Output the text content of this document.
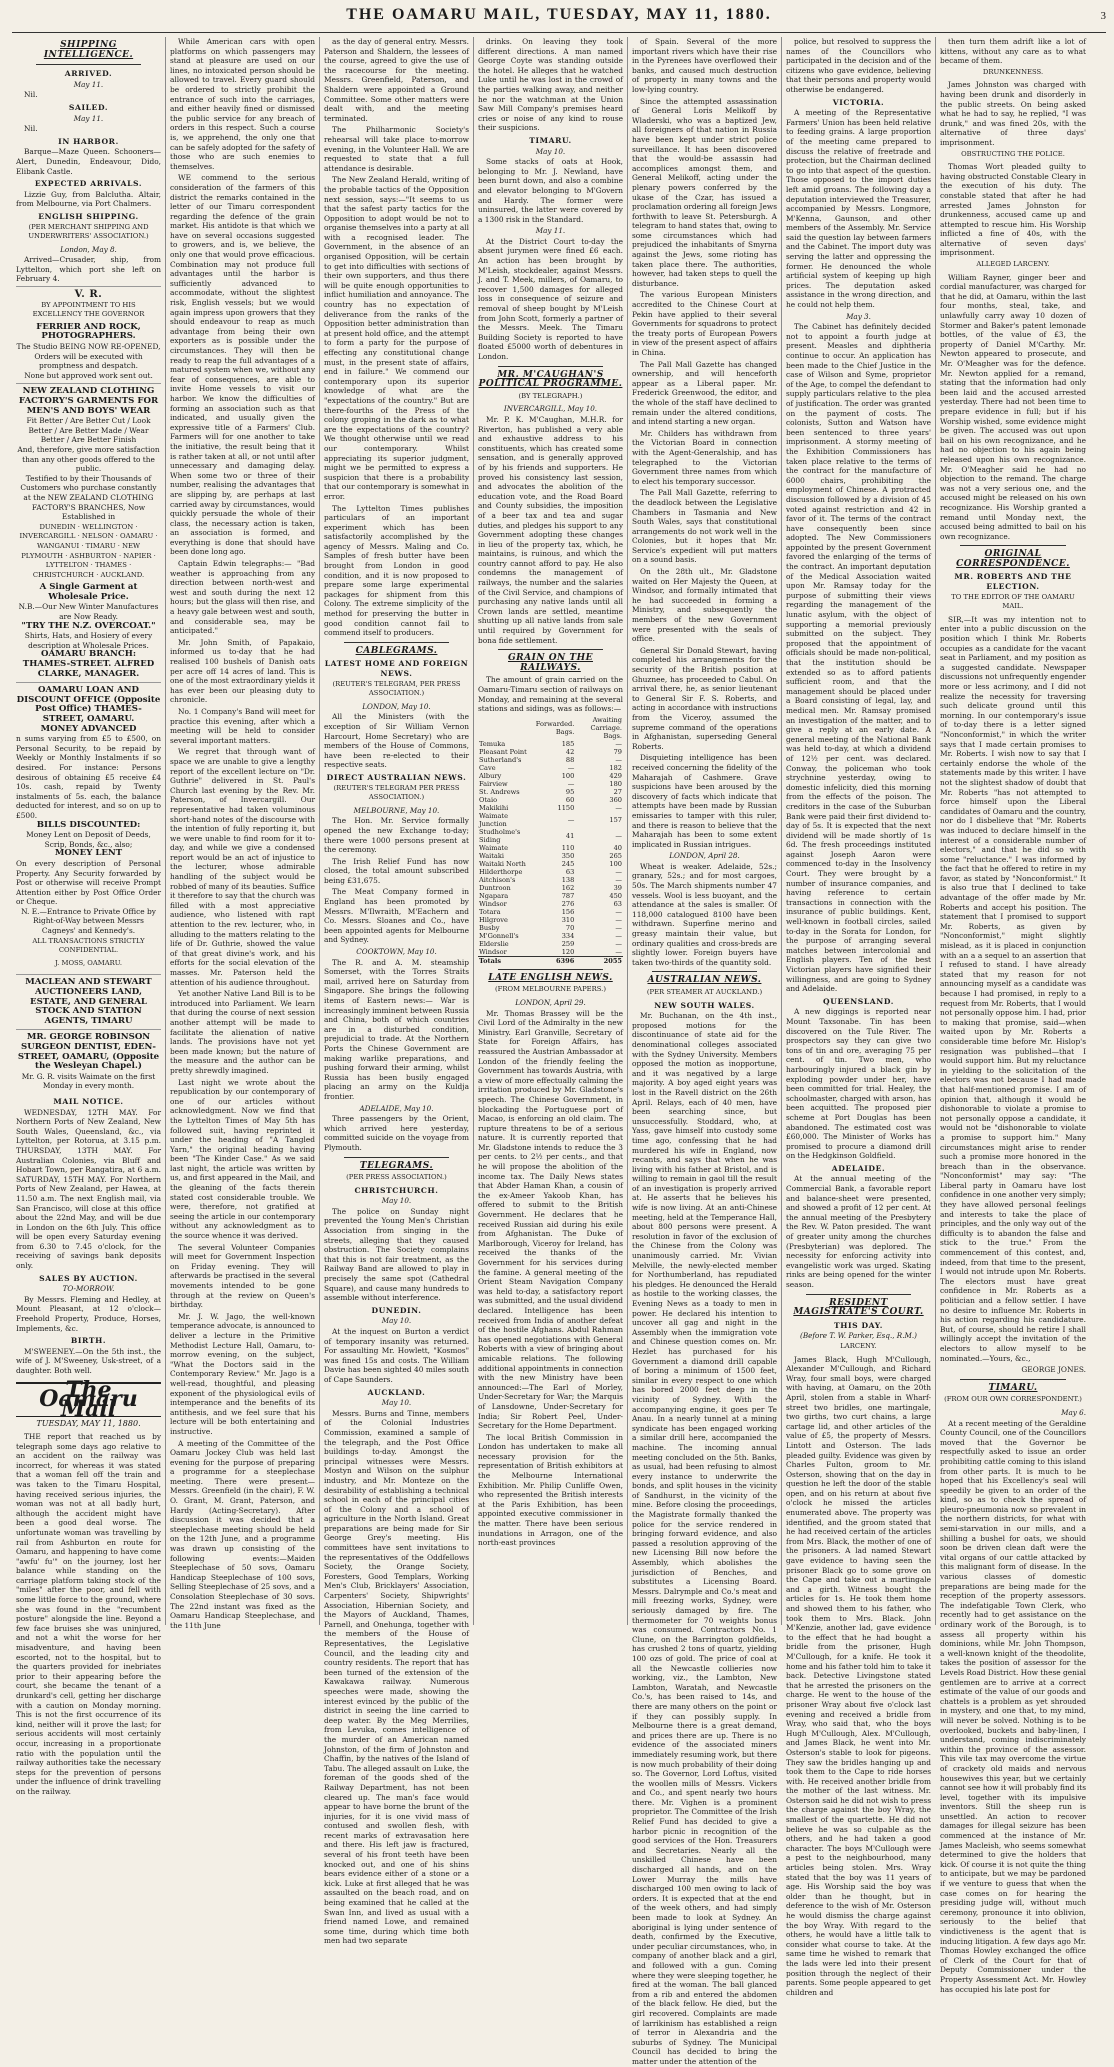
THE OAMARU MAIL, TUESDAY, MAY 11, 1880.	3
SHIPPING INTELLIGENCE.
ARRIVED.
May 11.

Nil.

SAILED.
May 11.

Nil.

IN HARBOR.

Barque—Maze Queen. Schooners—Alert, Dunedin, Endeavour, Dido, Elibank Castle.

EXPECTED ARRIVALS.

Lizzie Guy, from Balclutha. Altair, from Melbourne, via Port Chalmers.

ENGLISH SHIPPING.
(PER MERCHANT SHIPPING AND UNDERWRITERS' ASSOCIATION.)
London, May 8.

Arrived—Crusader, ship, from Lyttelton, which port she left on February 4.

V. R.
BY APPOINTMENT TO HIS EXCELLENCY THE GOVERNOR
FERRIER AND ROCK, PHOTOGRAPHERS.
The Studio BEING NOW RE-OPENED,
Orders will be executed with promptness and despatch.
None but approved work sent out.
NEW ZEALAND CLOTHING FACTORY'S GARMENTS FOR MEN'S AND BOYS' WEAR
Fit Better / Are Better Cut / Look Better / Are Better Made / Wear Better / Are Better Finish
And, therefore, give more satisfaction than any other goods offered to the public.
Testified to by their Thousands of Customers who purchase constantly at the NEW ZEALAND CLOTHING FACTORY'S BRANCHES, Now Established in
DUNEDIN · WELLINGTON · INVERCARGILL · NELSON · OAMARU · WANGANUI · TIMARU · NEW PLYMOUTH · ASHBURTON · NAPIER · LYTTELTON · THAMES · CHRISTCHURCH · AUCKLAND.
A Single Garment at Wholesale Price.
N.B.—Our New Winter Manufactures are Now Ready.
"TRY THE N.Z. OVERCOAT."
Shirts, Hats, and Hosiery of every description at Wholesale Prices.
OAMARU BRANCH: THAMES-STREET. ALFRED CLARKE, MANAGER.
OAMARU LOAN AND DISCOUNT OFFICE (Opposite Post Office) THAMES-STREET, OAMARU.
MONEY ADVANCED
n sums varying from £5 to £500, on Personal Security, to be repaid by Weekly or Monthly Instalments if so desired. For instance: Persons desirous of obtaining £5 receive £4 10s. cash, repaid by Twenty instalments of 5s. each, the balance deducted for interest, and so on up to £500.
BILLS DISCOUNTED:
Money Lent on Deposit of Deeds, Scrip, Bonds, &c., also;
MONEY LENT
On every description of Personal Property. Any Security forwarded by Post or otherwise will receive Prompt Attention either by Post Office Order or Cheque.
N. E.—Entrance to Private Office by Right-of-Way between Messrs Cagneys' and Kennedy's.
ALL TRANSACTIONS STRICTLY CONFIDENTIAL.
J. MOSS, OAMARU.
MACLEAN AND STEWART AUCTIONEERS LAND, ESTATE, AND GENERAL STOCK AND STATION AGENTS, TIMARU
MR. GEORGE ROBINSON SURGEON DENTIST, EDEN-STREET, OAMARU, (Opposite the Wesleyan Chapel.)
Mr. G. R. visits Waimate on the first Monday in every month.
MAIL NOTICE.

WEDNESDAY, 12TH MAY. For Northern Ports of New Zealand, New South Wales, Queensland, &c., via Lyttelton, per Rotorua, at 3.15 p.m. THURSDAY, 13TH MAY. For Australian Colonies, via Bluff and Hobart Town, per Rangatira, at 6 a.m. SATURDAY, 15TH MAY. For Northern Ports of New Zealand, per Hawea, at 11.50 a.m. The next English mail, via San Francisco, will close at this office about the 22nd May, and will be due in London on the 6th July. This office will be open every Saturday evening from 6.30 to 7.45 o'clock, for the receiving of savings bank deposits only.

SALES BY AUCTION.
TO-MORROW.

By Messrs. Fleming and Hedley, at Mount Pleasant, at 12 o'clock—Freehold Property, Produce, Horses, Implements, &c.

BIRTH.

M'SWEENEY.—On the 5th inst., the wife of J. M'Sweeney, Usk-street, of a daughter. Both well.

The Oamaru Mail
TUESDAY, MAY 11, 1880.

THE report that reached us by telegraph some days ago relative to an accident on the railway was incorrect, for whereas it was stated that a woman fell off the train and was taken to the Timaru Hospital, having received serious injuries, the woman was not at all badly hurt, although the accident might have been a good deal worse. The unfortunate woman was travelling by rail from Ashburton en route for Oamaru, and happening to have come "awfu' fu'" on the journey, lost her balance while standing on the carriage platform taking stock of the "miles" after the poor, and fell with some little force to the ground, where she was found in the "recumbent posture" alongside the line. Beyond a few face bruises she was uninjured, and not a whit the worse for her misadventure, and having been escorted, not to the hospital, but to the quarters provided for inebriates prior to their appearing before the court, she became the tenant of a drunkard's cell, getting her discharge with a caution on Monday morning. This is not the first occurrence of its kind, neither will it prove the last; for serious accidents will most certainly occur, increasing in a proportionate ratio with the population until the railway authorities take the necessary steps for the prevention of persons under the influence of drink travelling on the railway.

While American cars with open platforms on which passengers may stand at pleasure are used on our lines, no intoxicated person should be allowed to travel. Every guard should be ordered to strictly prohibit the entrance of such into the carriages, and either heavily fined or dismissed the public service for any breach of orders in this respect. Such a course is, we apprehend, the only one that can be safely adopted for the safety of those who are such enemies to themselves.

WE commend to the serious consideration of the farmers of this district the remarks contained in the letter of our Timaru correspondent regarding the defence of the grain market. His antidote is that which we have on several occasions suggested to growers, and is, we believe, the only one that would prove efficacious. Combination may not produce full advantages until the harbor is sufficiently advanced to accommodate, without the slightest risk, English vessels; but we would again impress upon growers that they should endeavour to reap as much advantage from being their own exporters as is possible under the circumstances. They will then be ready to reap the full advantages of a matured system when we, without any fear of consequences, are able to invite Home vessels to visit our harbor. We know the difficulties of forming an association such as that indicated, and usually given the expressive title of a Farmers' Club. Farmers will for one another to take the initiative, the result being that it is rather taken at all, or not until after unnecessary and damaging delay. When some two or three of their number, realising the advantages that are slipping by, are perhaps at last carried away by circumstances, would quickly persuade the whole of their class, the necessary action is taken, an association is formed, and everything is done that should have been done long ago.

Captain Edwin telegraphs:— "Bad weather is approaching from any direction between north-west and west and south during the next 12 hours; but the glass will then rise, and a heavy gale between west and south, and considerable sea, may be anticipated."

Mr. John Smith, of Papakaio, informed us to-day that he had realised 100 bushels of Danish oats per acre off 14 acres of land. This is one of the most extraordinary yields it has ever been our pleasing duty to chronicle.

No. 1 Company's Band will meet for practice this evening, after which a meeting will be held to consider several important matters.

We regret that through want of space we are unable to give a lengthy report of the excellent lecture on "Dr. Guthrie" delivered in St. Paul's Church last evening by the Rev. Mr. Paterson, of Invercargill. Our representative had taken voluminous short-hand notes of the discourse with the intention of fully reporting it, but we were unable to find room for it to-day, and while we give a condensed report would be an act of injustice to the lecturer, whose admirable handling of the subject would be robbed of many of its beauties. Suffice it therefore to say that the church was filled with a most appreciative audience, who listened with rapt attention to the rev. lecturer, who, in alluding to the matters relating to the life of Dr. Guthrie, showed the value of that great divine's work, and his efforts for the social elevation of the masses. Mr. Paterson held the attention of his audience throughout.

Yet another Native Land Bill is to be introduced into Parliament. We learn that during the course of next session another attempt will be made to facilitate the alienation of native lands. The provisions have not yet been made known; but the nature of the measure and the author can be pretty shrewdly imagined.

Last night we wrote about the republication by our contemporary of one of our articles without acknowledgment. Now we find that the Lyttelton Times of May 5th has followed suit, having reprinted it under the heading of "A Tangled Yarn," the original heading having been "The Kinder Case." As we said last night, the article was written by us, and first appeared in the Mail, and the gleaning of the facts therein stated cost considerable trouble. We were, therefore, not gratified at seeing the article in our contemporary without any acknowledgment as to the source whence it was derived.

The several Volunteer Companies will meet for Government Inspection on Friday evening. They will afterwards be practised in the several movements intended to be gone through at the review on Queen's birthday.

Mr. J. W. Jago, the well-known temperance advocate, is announced to deliver a lecture in the Primitive Methodist Lecture Hall, Oamaru, to-morrow evening, on the subject, "What the Doctors said in the Contemporary Review." Mr. Jago is a well-read, thoughtful, and pleasing exponent of the physiological evils of intemperance and the benefits of its antithesis, and we feel sure that his lecture will be both entertaining and instructive.

A meeting of the Committee of the Oamaru Jockey Club was held last evening for the purpose of preparing a programme for a steeplechase meeting. There were present—Messrs. Greenfield (in the chair), F. W. O. Grant, M. Grant, Paterson, and Hardy (Acting-Secretary). After discussion it was decided that a steeplechase meeting should be held on the 12th June, and a programme was drawn up consisting of the following events:—Maiden Steeplechase of 50 sovs, Oamaru Handicap Steeplechase of 100 sovs, Selling Steeplechase of 25 sovs, and a Consolation Steeplechase of 30 sovs. The 22nd instant was fixed as the Oamaru Handicap Steeplechase, and the 11th June

as the day of general entry. Messrs. Paterson and Shaldern, the lessees of the course, agreed to give the use of the racecourse for the meeting. Messrs. Greenfield, Paterson, and Shaldern were appointed a Ground Committee. Some other matters were dealt with, and the meeting terminated.

The Philharmonic Society's rehearsal will take place to-morrow evening, in the Volunteer Hall. We are requested to state that a full attendance is desirable.

The New Zealand Herald, writing of the probable tactics of the Opposition next session, says:—"It seems to us that the safest party tactics for the Opposition to adopt would be not to organise themselves into a party at all with a recognised leader. The Government, in the absence of an organised Opposition, will be certain to get into difficulties with sections of their own supporters, and thus there will be quite enough opportunities to inflict humiliation and annoyance. The country has no expectation of deliverance from the ranks of the Opposition better administration than at present hold office, and the attempt to form a party for the purpose of effecting any constitutional change must, in the present state of affairs, end in failure." We commend our contemporary upon its superior knowledge of what are the "expectations of the country." But are there-fourths of the Press of the colony groping in the dark as to what are the expectations of the country? We thought otherwise until we read our contemporary. Whilst appreciating its superior judgment, might we be permitted to express a suspicion that there is a probability that our contemporary is somewhat in error.

The Lyttelton Times publishes particulars of an important experiment which has been satisfactorily accomplished by the agency of Messrs. Maling and Co. Samples of fresh butter have been brought from London in good condition, and it is now proposed to prepare some large experimental packages for shipment from this Colony. The extreme simplicity of the method for preserving the butter in good condition cannot fail to commend itself to producers.

CABLEGRAMS.
LATEST HOME AND FOREIGN NEWS.
(REUTER'S TELEGRAM, PER PRESS ASSOCIATION.)
LONDON, May 10.

All the Ministers (with the exception of Sir William Vernon Harcourt, Home Secretary) who are members of the House of Commons, have been re-elected to their respective seats.

DIRECT AUSTRALIAN NEWS.
(REUTER'S TELEGRAM PER PRESS ASSOCIATION.)
MELBOURNE, May 10.

The Hon. Mr. Service formally opened the new Exchange to-day; there were 1000 persons present at the ceremony.

The Irish Relief Fund has now closed, the total amount subscribed being £31,675.

The Meat Company formed in England has been promoted by Messrs. M'Ilwraith, M'Eachern and Co. Messrs. Sloanes and Co., have been appointed agents for Melbourne and Sydney.

COOKTOWN, May 10.

The R. and A. M. steamship Somerset, with the Torres Straits mail, arrived here on Saturday from Singapore. She brings the following items of Eastern news:— War is increasingly imminent between Russia and China, both of which countries are in a disturbed condition, prejudicial to trade. At the Northern Ports the Chinese Government are making warlike preparations, and pushing forward their arming, whilst Russia has been busily engaged placing an army on the Kuldja frontier.

ADELAIDE, May 10.

Three passengers by the Orient, which arrived here yesterday, committed suicide on the voyage from Plymouth.

TELEGRAMS.
(PER PRESS ASSOCIATION.)
CHRISTCHURCH.
May 10.

The police on Sunday night prevented the Young Men's Christian Association from singing in the streets, alleging that they caused obstruction. The Society complains that this is not fair treatment, as the Railway Band are allowed to play in precisely the same spot (Cathedral Square), and cause many hundreds to assemble without interference.

DUNEDIN.
May 10.

At the inquest on Burton a verdict of temporary insanity was returned. For assaulting Mr. Howlett, "Kosmos" was fined 15s and costs. The William Davie has been sighted 40 miles south of Cape Saunders.

AUCKLAND.
May 10.

Messrs. Burns and Tinne, members of the Colonial Industries Commission, examined a sample of the telegraph, and the Post Office buildings to-day. Amongst the principal witnesses were Messrs. Mostyn and Wilson on the sulphur industry, and Mr. Monteze on the desirability of establishing a technical school in each of the principal cities of the Colony and a school of agriculture in the North Island. Great preparations are being made for Sir George Grey's meeting. His committees have sent invitations to the representatives of the Oddfellows Society, the Orange Society, Foresters, Good Templars, Working Men's Club, Bricklayers' Association, Carpenters' Society, Shipwrights' Association, Hibernian Society, and the Mayors of Auckland, Thames, Parnell, and Onehunga, together with the members of the House of Representatives, the Legislative Council, and the leading city and country residents. The report that has been turned of the extension of the Kawakawa railway. Numerous speeches were made, showing the interest evinced by the public of the district in seeing the line carried to deep water. By the Meg Merrilies, from Levuka, comes intelligence of the murder of an American named Johnston, of the firm of Johnston and Chaffin, by the natives of the Island of Tabu. The alleged assault on Luke, the foreman of the goods shed of the Railway Department, has not been cleared up. The man's face would appear to have borne the brunt of the injuries, for it is one vivid mass of contused and swollen flesh, with recent marks of extravasation here and there. His left jaw is fractured, several of his front teeth have been knocked out, and one of his shins bears evidence either of a stone or a kick. Luke at first alleged that he was assaulted on the beach road, and on being examined that he called at the Swan Inn, and lived as usual with a friend named Lowe, and remained some time, during which time both men had two separate

drinks. On leaving they took different directions. A man named George Coyte was standing outside the hotel. He alleges that he watched Luke until he was lost in the crowd of the parties walking away, and neither he nor the watchman at the Union Saw Mill Company's premises heard cries or noise of any kind to rouse their suspicions.

TIMARU.
May 10.

Some stacks of oats at Hook, belonging to Mr. J. Newland, have been burnt down, and also a combine and elevator belonging to M'Govern and Hardy. The former were uninsured, the latter were covered by a 1300 risk in the Standard.

May 11.

At the District Court to-day the absent jurymen were fined £6 each. An action has been brought by M'Leish, stockdealer, against Messrs. J. and T. Meek, millers, of Oamaru, to recover 1,500 damages for alleged loss in consequence of seizure and removal of sheep bought by M'Leish from John Scott, formerly a partner of the Messrs. Meek. The Timaru Building Society is reported to have floated £5000 worth of debentures in London.

MR. M'CAUGHAN'S POLITICAL PROGRAMME.
(BY TELEGRAPH.)
INVERCARGILL, May 10.

Mr. P. K. M'Caughan, M.H.R. for Riverton, has published a very able and exhaustive address to his constituents, which has created some sensation, and is generally approved of by his friends and supporters. He proved his consistency last session, and advocates the abolition of the education vote, and the Road Board and County subsidies, the imposition of a beer tax and tea and sugar duties, and pledges his support to any Government adopting these changes in lieu of the property tax, which, he maintains, is ruinous, and which the country cannot afford to pay. He also condemns the management of railways, the number and the salaries of the Civil Service, and champions of purchasing any native lands until all Crown lands are settled, meantime shutting up all native lands from sale until required by Government for bona fide settlement.

GRAIN ON THE RAILWAYS.

The amount of grain carried on the Oamaru-Timaru section of railways on Monday, and remaining at the several stations and sidings, was as follows:—

	Forwarded. Bags.	Awaiting Carriage. Bags.
Temuka	185	—
Pleasant Point	42	79
Sutherland's	88	—
Cave	—	182
Albury	100	429
Fairview	—	180
St. Andrews	95	27
Otaio	60	360
Makikihi	1150	—
Waimate Junction	—	157
Studholme's Siding	41	—
Waimate	110	40
Waitaki	350	265
Waitaki North	245	100
Hilderthorpe	63	—
Aitchison's	138	—
Duntroon	162	39
Ngapara	787	450
Windsor	276	63
Totara	156	—
Hilgrove	310	—
Busby	70	—
M'Gonnell's	334	—
Elderslie	259	—
Windsor	120	—
Totals	6396	2055
LATE ENGLISH NEWS.
(FROM MELBOURNE PAPERS.)
LONDON, April 29.

Mr. Thomas Brassey will be the Civil Lord of the Admiralty in the new Ministry. Earl Granville, Secretary of State for Foreign Affairs, has reassured the Austrian Ambassador at London of the friendly feeling the Government has towards Austria, with a view of more effectually calming the irritation produced by Mr. Gladstone's speech. The Chinese Government, in blockading the Portuguese port of Macao, is enforcing an old claim. The rupture threatens to be of a serious nature. It is currently reported that Mr. Gladstone intends to reduce the 3 per cents. to 2½ per cents., and that he will propose the abolition of the income tax. The Daily News states that Abder Haman Khan, a cousin of the ex-Ameer Yakoob Khan, has offered to submit to the British Government. He declares that he received Russian aid during his exile from Afghanistan. The Duke of Marlborough, Viceroy for Ireland, has received the thanks of the Government for his services during the famine. A general meeting of the Orient Steam Navigation Company was held to-day, a satisfactory report was submitted, and the usual dividend declared. Intelligence has been received from India of another defeat of the hostile Afghans. Abdul Rahman has opened negotiations with General Roberts with a view of bringing about amicable relations. The following additional appointments in connection with the new Ministry have been announced:—The Earl of Morley, Under-Secretary for War; the Marquis of Lansdowne, Under-Secretary for India; Sir Robert Peel, Under-Secretary for the Home Department.

The local British Commission in London has undertaken to make all necessary provision for the representation of British exhibitors at the Melbourne International Exhibition. Mr. Philip Cunliffe Owen, who represented the British interests at the Paris Exhibition, has been appointed executive commissioner in the matter. There have been serious inundations in Arragon, one of the north-east provinces

of Spain. Several of the more important rivers which have their rise in the Pyrenees have overflowed their banks, and caused much destruction of property in many towns and the low-lying country.

Since the attempted assassination of General Loris Melikoff by Wladerski, who was a baptized Jew, all foreigners of that nation in Russia have been kept under strict police surveillance. It has been discovered that the would-be assassin had accomplices amongst them, and General Melikoff, acting under the plenary powers conferred by the ukase of the Czar, has issued a proclamation ordering all foreign Jews forthwith to leave St. Petersburgh. A telegram to hand states that, owing to some circumstances which had prejudiced the inhabitants of Smyrna against the Jews, some rioting has taken place there. The authorities, however, had taken steps to quell the disturbance.

The various European Ministers accredited to the Chinese Court at Pekin have applied to their several Governments for squadrons to protect the treaty ports of European Powers in view of the present aspect of affairs in China.

The Pall Mall Gazette has changed ownership, and will henceforth appear as a Liberal paper. Mr. Frederick Greenwood, the editor, and the whole of the staff have declined to remain under the altered conditions, and intend starting a new organ.

Mr. Childers has withdrawn from the Victorian Board in connection with the Agent-Generalship, and has telegraphed to the Victorian Government three names from which to elect his temporary successor.

The Pall Mall Gazette, referring to the deadlock between the Legislative Chambers in Tasmania and New South Wales, says that constitutional arrangements do not work well in the Colonies, but it hopes that Mr. Service's expedient will put matters on a sound basis.

On the 28th ult., Mr. Gladstone waited on Her Majesty the Queen, at Windsor, and formally intimated that he had succeeded in forming a Ministry, and subsequently the members of the new Government were presented with the seals of office.

General Sir Donald Stewart, having completed his arrangements for the security of the British position at Ghuznee, has proceeded to Cabul. On arrival there, he, as senior lieutenant to General Sir F. S. Roberts, and acting in accordance with instructions from the Viceroy, assumed the supreme command of the operations in Afghanistan, superseding General Roberts.

Disquieting intelligence has been received concerning the fidelity of the Maharajah of Cashmere. Grave suspicions have been aroused by the discovery of facts which indicate that attempts have been made by Russian emissaries to tamper with this ruler, and there is reason to believe that the Maharajah has been to some extent implicated in Russian intrigues.

LONDON, April 28.

Wheat is weaker. Adelaide, 52s.; granary, 52s.; and for most cargoes, 50s. The March shipments number 47 vessels. Wool is less buoyant, and the attendance at the sales is smaller. Of 118,000 catalogued 8100 have been withdrawn. Superfine merino and greasy maintain their value, but ordinary qualities and cross-breds are slightly lower. Foreign buyers have taken two-thirds of the quantity sold.

AUSTRALIAN NEWS.
(PER STEAMER AT AUCKLAND.)
NEW SOUTH WALES.

Mr. Buchanan, on the 4th inst., proposed motions for the discontinuance of state aid for the denominational colleges associated with the Sydney University. Members opposed the motion as inopportune, and it was negatived by a large majority. A boy aged eight years was lost in the Ravell district on the 26th April. Relays, each of 40 men, have been searching since, but unsuccessfully. Stoddard, who, at Yass, gave himself into custody some time ago, confessing that he had murdered his wife in England, now recants, and says that when he was living with his father at Bristol, and is willing to remain in gaol till the result of an investigation is properly arrived at. He asserts that he believes his wife is now living. At an anti-Chinese meeting, held at the Temperance Hall, about 800 persons were present. A resolution in favor of the exclusion of the Chinese from the Colony was unanimously carried. Mr. Vivian Melville, the newly-elected member for Northumberland, has repudiated his pledges. He denounced the Herald as hostile to the working classes, the Evening News as a toady to men in power. He declared his intention to uncover all gag and night in the Assembly when the immigration vote and Chinese question comes on. Mr. Hezlet has purchased for his Government a diamond drill capable of boring a minimum of 1500 feet, similar in every respect to one which has bored 2000 feet deep in the vicinity of Sydney. With the accompanying engine, it goes per Te Anau. In a nearly tunnel at a mining syndicate has been engaged working a similar drill here, accompanied the machine. The incoming annual meeting concluded on the 5th. Banks, as usual, had been refusing to almost every instance to underwrite the bonds, and split houses in the vicinity of Sandhurst, in the vicinity of the mine. Before closing the proceedings, the Magistrate formally thanked the police for the service rendered in bringing forward evidence, and also passed a resolution approving of the new Licensing Bill now before the Assembly, which abolishes the jurisdiction of Benches, and substitutes a Licensing Board. Messrs. Dalrymple and Co.'s meat and mill freezing works, Sydney, were seriously damaged by fire. The thermometer for 70 weights bonus was consumed. Contractors No. 1 Clune, on the Barrington goldfields, has crushed 2 tons of quartz, yielding 100 ozs of gold. The price of coal at all the Newcastle collieries now working, viz., the Lambton, New Lambton, Waratah, and Newcastle Co.'s, has been raised to 14s, and there are many others on the point or if they can possibly supply. In Melbourne there is a great demand, and prices there are up. There is no evidence of the associated miners immediately resuming work, but there is now much probability of their doing so. The Governor, Lord Loftus, visited the woollen mills of Messrs. Vickers and Co., and spent nearly two hours there. Mr. Vighen is a prominent proprietor. The Committee of the Irish Relief Fund has decided to give a harbor picnic in recognition of the good services of the Hon. Treasurers and Secretaries. Nearly all the unskilled Chinese have been discharged all hands, and on the Lower Murray the mills have discharged 100 men owing to lack of orders. It is expected that at the end of the week others, and had simply been made to look at Sydney. An aboriginal is lying under sentence of death, confirmed by the Executive, under peculiar circumstances, who, in company of another black and a girl, and followed with a gun. Coming where they were sleeping together, he fired at the woman. The ball glanced from a rib and entered the abdomen of the black fellow. He died, but the girl recovered. Complaints are made of larrikinism has established a reign of terror in Alexandria and the suburbs of Sydney. The Municipal Council has decided to bring the matter under the attention of the

police, but resolved to suppress the names of the Councillors who participated in the decision and of the citizens who gave evidence, believing that their persons and property would otherwise be endangered.

VICTORIA.

A meeting of the Representative Farmers' Union has been held relative to feeding grains. A large proportion of the meeting came prepared to discuss the relative of freetrade and protection, but the Chairman declined to go into that aspect of the question. Those opposed to the import duties left amid groans. The following day a deputation interviewed the Treasurer, accompanied by Messrs. Longmore, M'Kenna, Gaunson, and other members of the Assembly. Mr. Service said the question lay between farmers and the Cabinet. The import duty was serving the latter and oppressing the former. He denounced the whole artificial system of keeping up high prices. The deputation asked assistance in the wrong direction, and he could not help them.

May 3.

The Cabinet has definitely decided not to appoint a fourth judge at present. Measles and diphtheria continue to occur. An application has been made to the Chief Justice in the case of Wilson and Syme, proprietor of the Age, to compel the defendant to supply particulars relative to the plea of justification. The order was granted on the payment of costs. The colonists, Sutton and Watson have been sentenced to three years' imprisonment. A stormy meeting of the Exhibition Commissioners has taken place relative to the terms of the contract for the manufacture of 6000 chairs, prohibiting the employment of Chinese. A protracted discussion followed by a division of 45 voted against restriction and 42 in favor of it. The terms of the contract have consequently been since adopted. The New Commissioners appointed by the present Government favored the enlarging of the terms of the contract. An important deputation of the Medical Association waited upon Mr. Ramsay today for the purpose of submitting their views regarding the management of the lunatic asylum, with the object of supporting a memorial previously submitted on the subject. They proposed that the appointment of officials should be made non-political, that the institution should be extended so as to afford patients sufficient room, and that the management should be placed under a Board consisting of legal, lay, and medical men. Mr. Ramsay promised an investigation of the matter, and to give a reply at an early date. A general meeting of the National Bank was held to-day, at which a dividend of 12½ per cent. was declared. Conway, the policeman who took strychnine yesterday, owing to domestic infelicity, died this morning from the effects of the poison. The creditors in the case of the Suburban Bank were paid their first dividend to-day of 5s. It is expected that the next dividend will be made shortly of 1s 6d. The fresh proceedings instituted against Joseph Aaron were commenced to-day in the Insolvency Court. They were brought by a number of insurance companies, and having reference to certain transactions in connection with the insurance of public buildings. Kent, well-known in football circles, sailed to-day in the Soratа for London, for the purpose of arranging several matches between intercolonial and English players. Ten of the best Victorian players have signified their willingness, and are going to Sydney and Adelaide.

QUEENSLAND.

A new diggings is reported near Mount Taxsonabe. Tin has been discovered on the Tule River. The prospectors say they can give two tons of tin and ore, averaging 75 per cent. of tin. Two men, who harbouringly injured a black gin by exploding powder under her, have been committed for trial. Healey, the schoolmaster, charged with arson, has been acquitted. The proposed pier scheme at Port Douglas has been abandoned. The estimated cost was £60,000. The Minister of Works has promised to procure a diamond drill on the Hedgkinson Goldfield.

ADELAIDE.

At the annual meeting of the Commercial Bank, a favorable report and balance-sheet were presented, and showed a profit of 12 per cent. At the annual meeting of the Presbytery the Rev. W. Paton presided. The want of greater unity among the churches (Presbyterian) was deplored. The necessity for enforcing activity into evangelistic work was urged. Skating rinks are being opened for the winter season.

RESIDENT MAGISTRATE'S COURT.
THIS DAY.
(Before T. W. Parker, Esq., R.M.)
LARCENY.

James Black, Hugh M'Cullough, Alexander M'Cullough, and Richard Wray, four small boys, were charged with having, at Oamaru, on the 20th April, stolen from a stable in Wharf-street two bridles, one martingale, two girths, two curt chains, a large cartage lid, and other articles of the value of £5, the property of Messrs. Lintott and Osterson. The lads pleaded guilty. Evidence was given by Charles Fulton, groom to Mr. Osterson, showing that on the day in question he left the door of the stable open, and on his return at about five o'clock he missed the articles enumerated above. The property was identified, and the groom stated that he had received certain of the articles from Mrs. Black, the mother of one of the prisoners. A lad named Stewart gave evidence to having seen the prisoner Black go to some grove on the Cape and take out a martingale and a girth. Witness bought the articles for 1s. He took them home and showed them to his father, who took them to Mrs. Black. John M'Kenzie, another lad, gave evidence to the effect that he had bought a bridle from the prisoner, Hugh M'Cullough, for a knife. He took it home and his father told him to take it back. Detective Livingstone stated that he arrested the prisoners on the charge. He went to the house of the prisoner Wray about five o'clock last evening and received a bridle from Wray, who said that, who the boys Hugh M'Cullough, Alex. M'Cullough, and James Black, he went into Mr. Osterson's stable to look for pigeons. They saw the bridles hanging up and took them to the Cape to ride horses with. He received another bridle from the mother of the last witness. Mr. Osterson said he did not wish to press the charge against the boy Wray, the smallest of the quartette. He did not believe he was so culpable as the others, and he had taken a good character. The boys M'Cullough were a pest to the neighbourhood, many articles being stolen. Mrs. Wray stated that the boy was 11 years of age. His Worship said the boy was older than he thought, but in deference to the wish of Mr. Osterson he would dismiss the charge against the boy Wray. With regard to the others, he would have a little talk to consider what course to take. At the same time he wished to remark that the lads were led into their present position through the neglect of their parents. Some people appeared to get children and

then turn them adrift like a lot of kittens, without any care as to what became of them.

DRUNKENNESS.

James Johnston was charged with having been drunk and disorderly in the public streets. On being asked what he had to say, he replied, "I was drunk," and was fined 20s, with the alternative of three days' imprisonment.

OBSTRUCTING THE POLICE.

Thomas Wort pleaded guilty to having obstructed Constable Cleary in the execution of his duty. The constable stated that after he had arrested James Johnston for drunkenness, accused came up and attempted to rescue him. His Worship inflicted a fine of 40s, with the alternative of seven days' imprisonment.

ALLEGED LARCENY.

William Rayner, ginger beer and cordial manufacturer, was charged for that he did, at Oamaru, within the last four months, steal, take, and unlawfully carry away 10 dozen of Stormer and Baker's patent lemonade bottles, of the value of £3, the property of Daniel M'Carthy. Mr. Newton appeared to prosecute, and Mr. O'Meagher was for the defence. Mr. Newton applied for a remand, stating that the information had only been laid and the accused arrested yesterday. There had not been time to prepare evidence in full; but if his Worship wished, some evidence might be given. The accused was out upon bail on his own recognizance, and he had no objection to his again being released upon his own recognizance. Mr. O'Meagher said he had no objection to the remand. The charge was not a very serious one, and the accused might be released on his own recognizance. His Worship granted a remand until Monday next, the accused being admitted to bail on his own recognizance.

ORIGINAL CORRESPONDENCE.
MR. ROBERTS AND THE ELECTION.
TO THE EDITOR OF THE OAMARU MAIL.

SIR,—It was my intention not to enter into a public discussion on the position which I think Mr. Roberts occupies as a candidate for the vacant seat in Parliament, and my position as a suggested candidate. Newspaper discussions not unfrequently engender more or less acrimony, and I did not realize the necessity for traversing such delicate ground until this morning. In our contemporary's issue of to-day there is a letter signed "Nonconformist," in which the writer says that I made certain promises to Mr. Roberts. I wish now to say that I certainly endorse the whole of the statements made by this writer. I have not the slightest shadow of doubt that Mr. Roberts "has not attempted to force himself upon the Liberal candidates of Oamaru and the country, nor do I disbelieve that "Mr. Roberts was induced to declare himself in the interest of a considerable number of electors," and that he did so with some "reluctance." I was informed by the fact that he offered to retire in my favor, as stated by "Nonconformist." It is also true that I declined to take advantage of the offer made by Mr. Roberts and accept his position. The statement that I promised to support Mr. Roberts, as given by "Nonconformist," might slightly mislead, as it is placed in conjunction with an a a sequel to an assertion that I refused to stand. I have already stated that my reason for not announcing myself as a candidate was because I had promised, in reply to a request from Mr. Roberts, that I would not personally oppose him. I had, prior to making that promise, said—when waited upon by Mr. Roberts a considerable time before Mr. Hislop's resignation was published—that I would support him. But my reluctance in yielding to the solicitation of the electors was not because I had made that half-mentioned promise. I am of opinion that, although it would be dishonorable to violate a promise to not personally oppose a candidate, it would not be "dishonorable to violate a promise to support him." Many circumstances might arise to render such a promise more honored in the breach than in the observance. "Nonconformist" may say: "The Liberal party in Oamaru have lost confidence in one another very simply; they have allowed personal feelings and interests to take the place of principles, and the only way out of the difficulty is to abandon the false and stick to the true." From the commencement of this contest, and, indeed, from that time to the present, I would not intrude upon Mr. Roberts. The electors must have great confidence in Mr. Roberts as a politician and a fellow settler. I have no desire to influence Mr. Roberts in his action regarding his candidature. But, of course, should he retire I shall willingly accept the invitation of the electors to allow myself to be nominated.—Yours, &c.,

GEORGE JONES.
TIMARU.
(FROM OUR OWN CORRESPONDENT.)
May 6.

At a recent meeting of the Geraldine County Council, one of the Councillors moved that the Governor be respectfully asked to issue an order prohibiting cattle coming to this island from other parts. It is much to be hoped that his Excellency's seal will speedily be given to an order of the kind, so as to check the spread of pleuro-pneumonia now so prevalent in the northern districts, for what with semi-starvation in our mills, and a shilling a bushel for oats, we should soon be driven clean daft were the vital organs of our cattle attacked by this malignant form of disease. In the various classes of domestic preparations are being made for the reception of the property assessors. The indefatigable Town Clerk, who recently had to get assistance on the ordinary work of the Borough, is to assess all property within his dominions, while Mr. John Thompson, a well-known knight of the theodolite, takes the position of assessor for the Levels Road District. How these genial gentlemen are to arrive at a correct estimate of the value of our goods and chattels is a problem as yet shrouded in mystery, and one that, to my mind, will never be solved. Nothing is to be overlooked, buckets and baby-linen, I understand, coming indiscriminately within the province of the assessor. This vile tax may overcome the virtue of crackety old maids and nervous housewives this year, but we certainly cannot see how it will probably find its level, together with its impulsive inventors. Still the sheep run is unsettled. An action to recover damages for illegal seizure has been commenced at the instance of Mr. James Macleish, who seems somewhat determined to give the holders that kick. Of course it is not quite the thing to anticipate, but we may be pardoned if we venture to guess that when the case comes on for hearing the presiding judge will, without much ceremony, pronounce it into oblivion, seriously to the belief that vindictiveness is the agent that is inducing litigation. A few days ago Mr. Thomas Howley exchanged the office of Clerk of the Court for that of Deputy Commissioner under the Property Assessment Act. Mr. Howley has occupied his late post for
